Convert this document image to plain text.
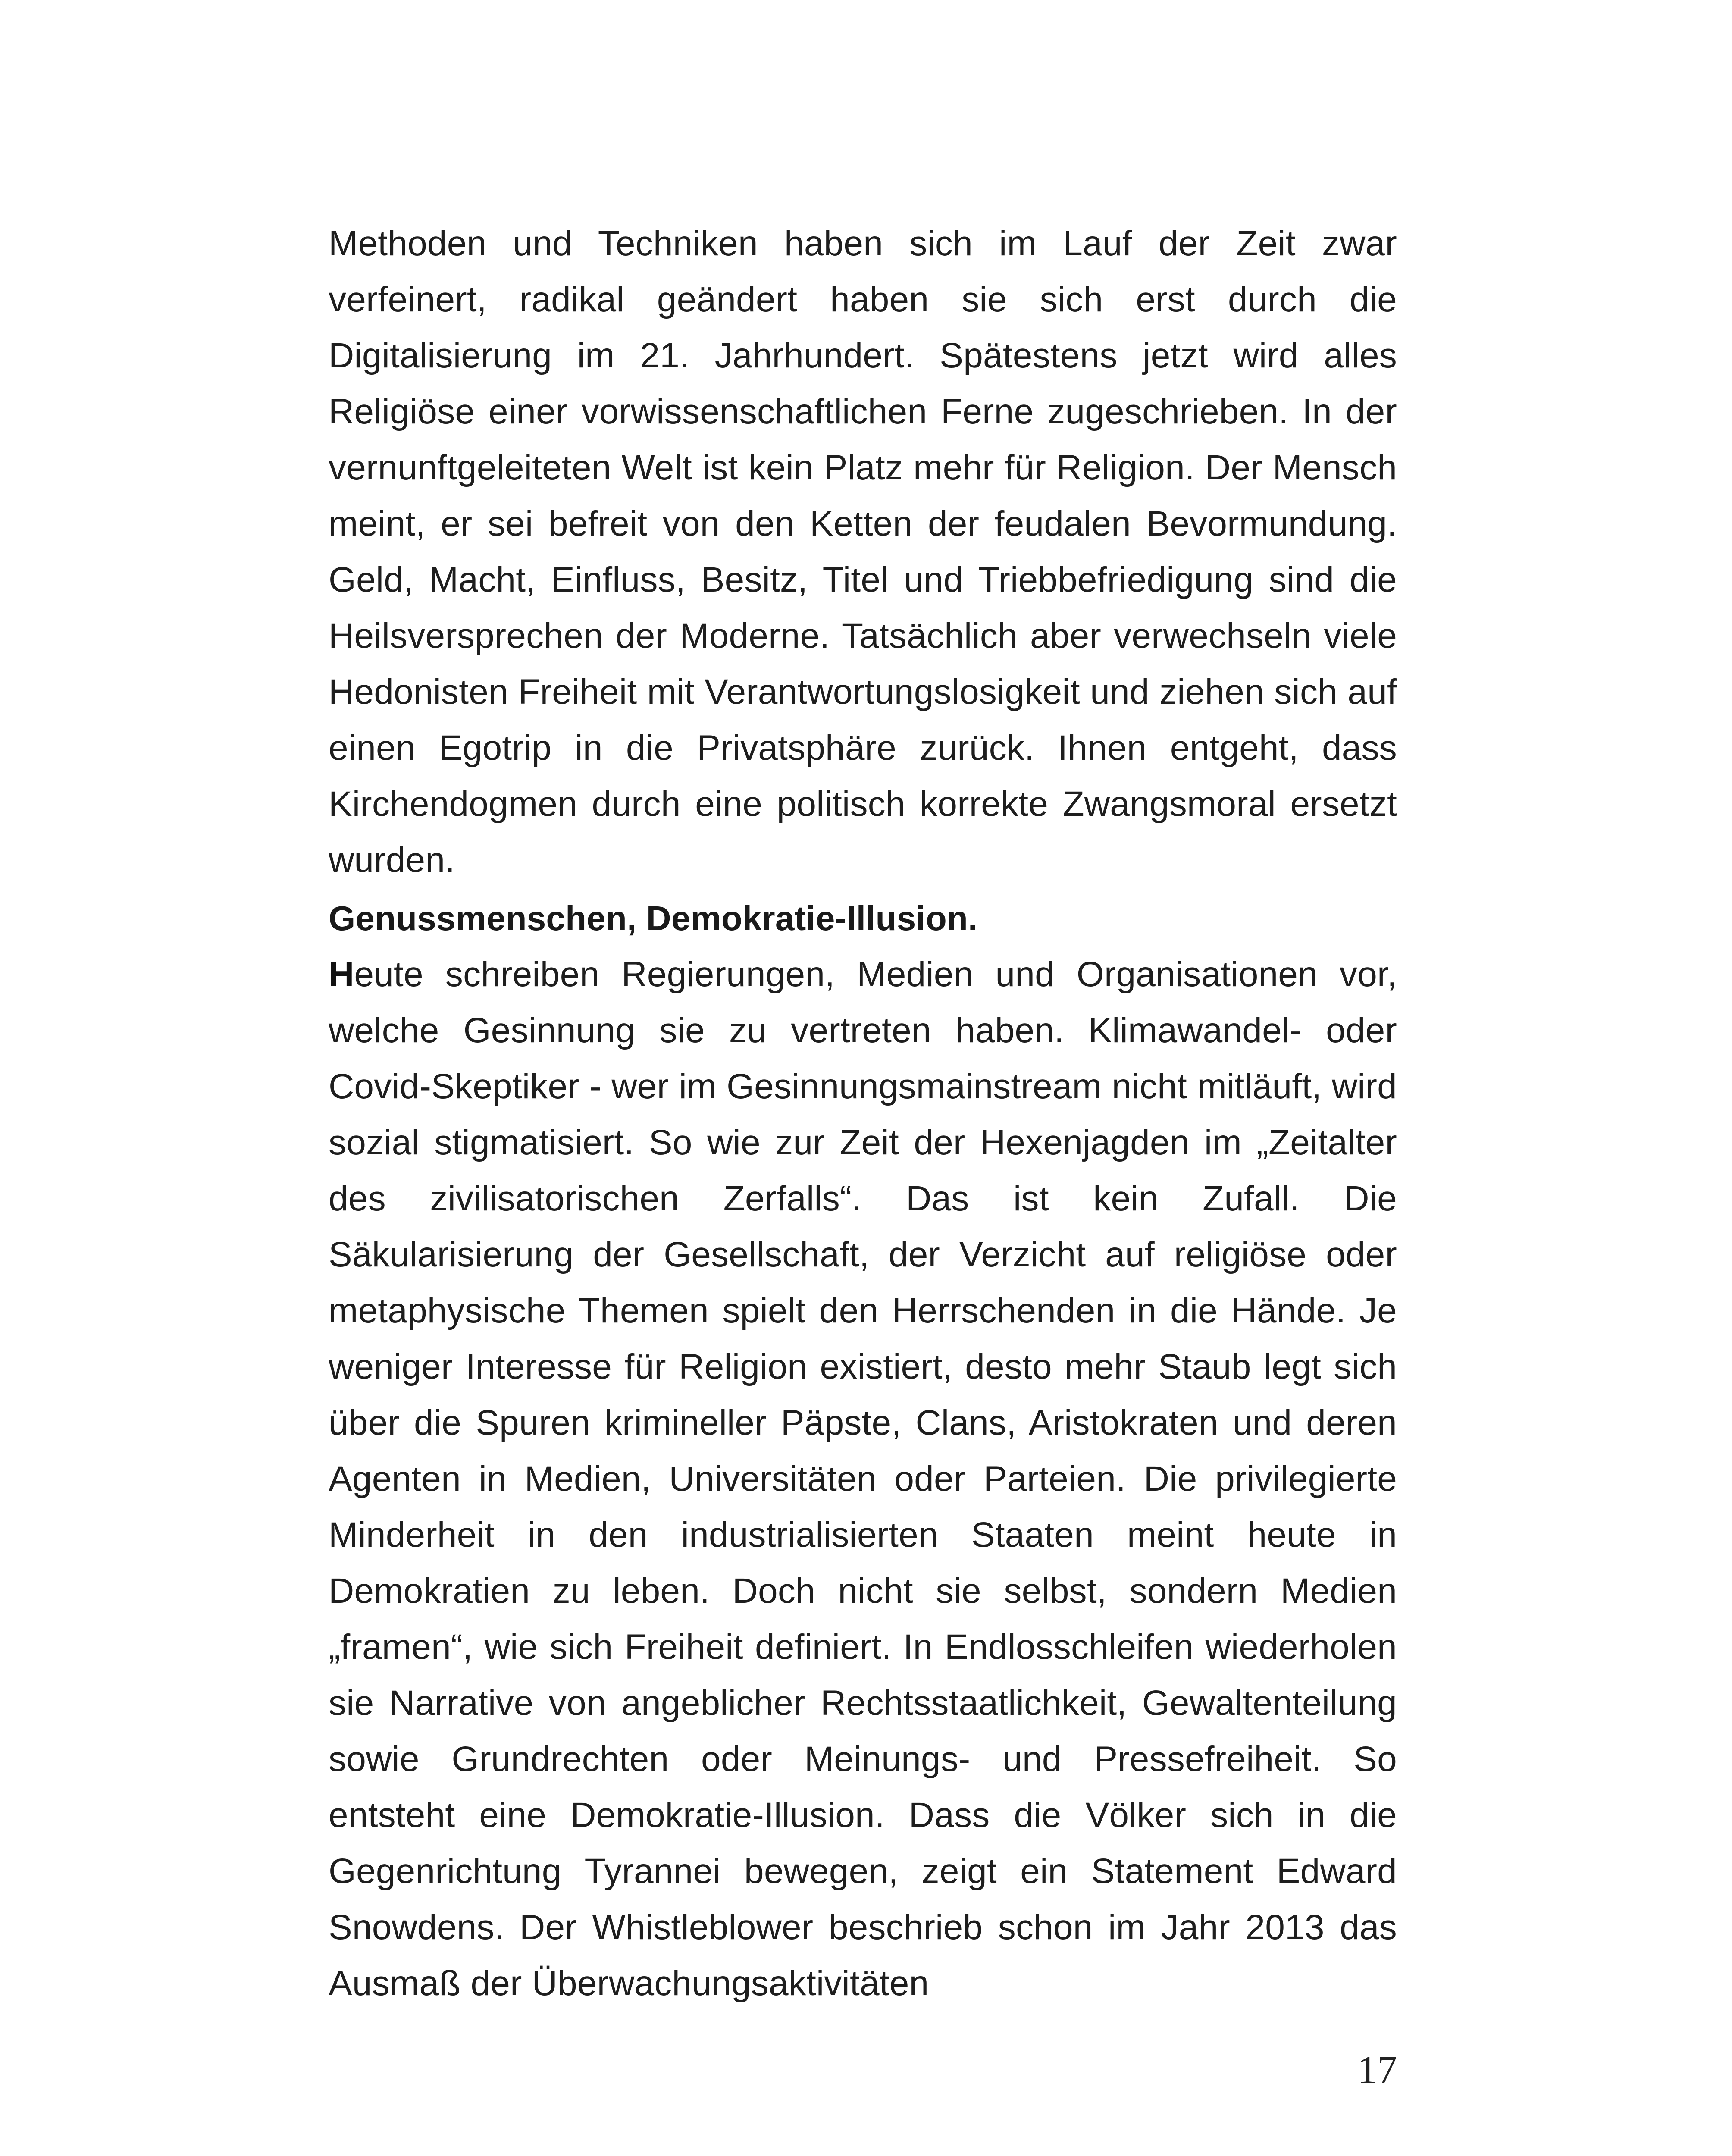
Methoden und Techniken haben sich im Lauf der Zeit zwar verfeinert, radikal geändert haben sie sich erst durch die Digitalisierung im 21. Jahrhundert. Spätestens jetzt wird alles Religiöse einer vorwissenschaftlichen Ferne zugeschrieben. In der vernunftgeleiteten Welt ist kein Platz mehr für Religion. Der Mensch meint, er sei befreit von den Ketten der feudalen Bevormundung. Geld, Macht, Einfluss, Besitz, Titel und Triebbefriedigung sind die Heilsversprechen der Moderne. Tatsächlich aber verwechseln viele Hedonisten Freiheit mit Verantwortungslosigkeit und ziehen sich auf einen Egotrip in die Privatsphäre zurück. Ihnen entgeht, dass Kirchendogmen durch eine politisch korrekte Zwangsmoral ersetzt wurden.

Genussmenschen, Demokratie-Illusion.

Heute schreiben Regierungen, Medien und Organisationen vor, welche Gesinnung sie zu vertreten haben. Klimawandel- oder Covid-Skeptiker - wer im Gesinnungsmainstream nicht mitläuft, wird sozial stigmatisiert. So wie zur Zeit der Hexenjagden im „Zeitalter des zivilisatorischen Zerfalls“. Das ist kein Zufall. Die Säkularisierung der Gesellschaft, der Verzicht auf religiöse oder metaphysische Themen spielt den Herrschenden in die Hände. Je weniger Interesse für Religion existiert, desto mehr Staub legt sich über die Spuren krimineller Päpste, Clans, Aristokraten und deren Agenten in Medien, Universitäten oder Parteien. Die privilegierte Minderheit in den industrialisierten Staaten meint heute in Demokratien zu leben. Doch nicht sie selbst, sondern Medien „framen“, wie sich Freiheit definiert. In Endlosschleifen wiederholen sie Narrative von angeblicher Rechtsstaatlichkeit, Gewaltenteilung sowie Grundrechten oder Meinungs- und Pressefreiheit. So entsteht eine Demokratie-Illusion. Dass die Völker sich in die Gegenrichtung Tyrannei bewegen, zeigt ein Statement Edward Snowdens. Der Whistleblower beschrieb schon im Jahr 2013 das Ausmaß der Überwachungsaktivitäten

17
